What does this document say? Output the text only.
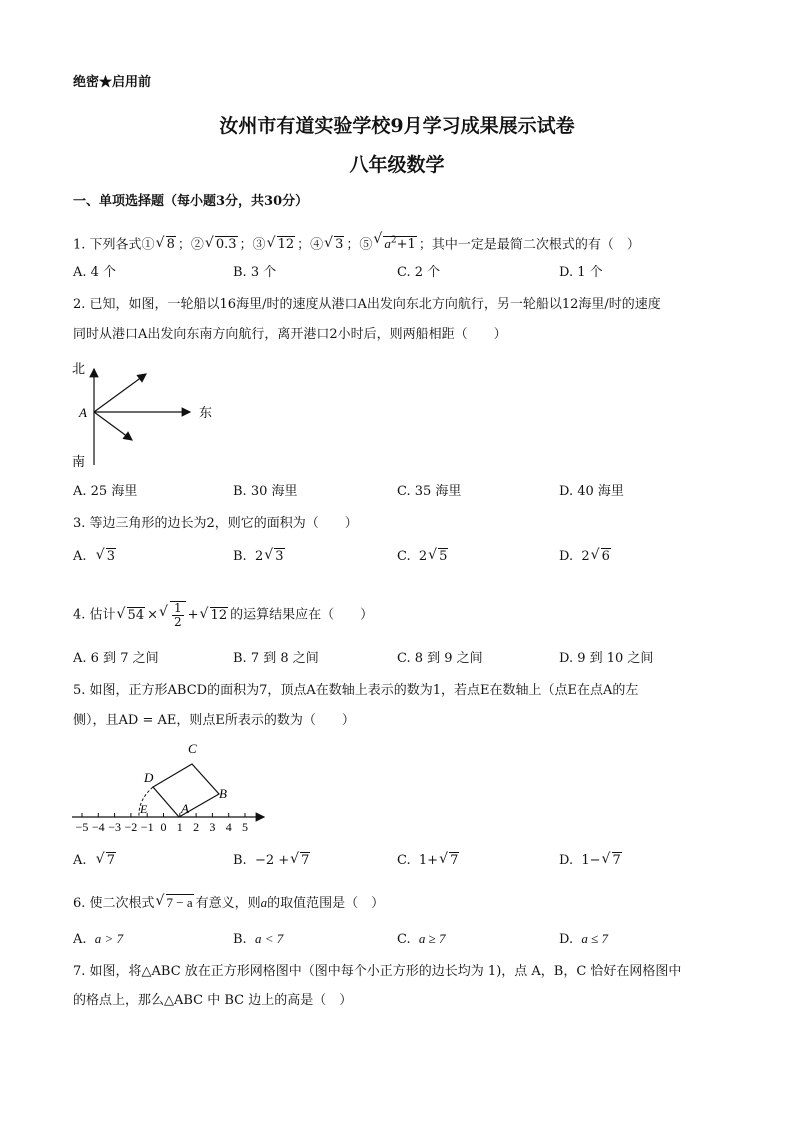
绝密★启用前
汝州市有道实验学校9月学习成果展示试卷
八年级数学
一、单项选择题（每小题3分，共30分）
1. 下列各式① √ 8 ；② √ 0.3 ；③ √ 12 ；④ √ 3 ；⑤ √ $a^2+1$ ；其中一定是最简二次根式的有（　）
A. 4 个	B. 3 个	C. 2 个	D. 1 个
2. 已知，如图，一轮船以16海里/时的速度从港口A出发向东北方向航行，另一轮船以12海里/时的速度
同时从港口A出发向东南方向航行，离开港口2小时后，则两船相距（　　）
北
南
东
A
A. 25 海里	B. 30 海里	C. 35 海里	D. 40 海里
3. 等边三角形的边长为2，则它的面积为（　　）
A. √ 3	B. 2 √ 3	C. 2 √ 5	D. 2 √ 6
4. 估计 √ 54 × √ $\frac{1}{2}$ + √ 12 的运算结果应在（　　）
A. 6 到 7 之间	B. 7 到 8 之间	C. 8 到 9 之间	D. 9 到 10 之间
5. 如图，正方形ABCD的面积为7，顶点A在数轴上表示的数为1，若点E在数轴上（点E在点A的左
侧），且AD = AE，则点E所表示的数为（　　）
A
B
C
D
E
−5 −4 −3 −2 −1 0 1 2 3 4 5
A. √ 7	B. −2 + √ 7	C. 1+ √ 7	D. 1− √ 7
6. 使二次根式 √ 7 − a 有意义，则a的取值范围是（　）
A. a > 7	B. a < 7	C. a ≥ 7	D. a ≤ 7
7. 如图，将△ABC 放在正方形网格图中（图中每个小正方形的边长均为 1)，点 A，B，C 恰好在网格图中
的格点上，那么△ABC 中 BC 边上的高是（　）
